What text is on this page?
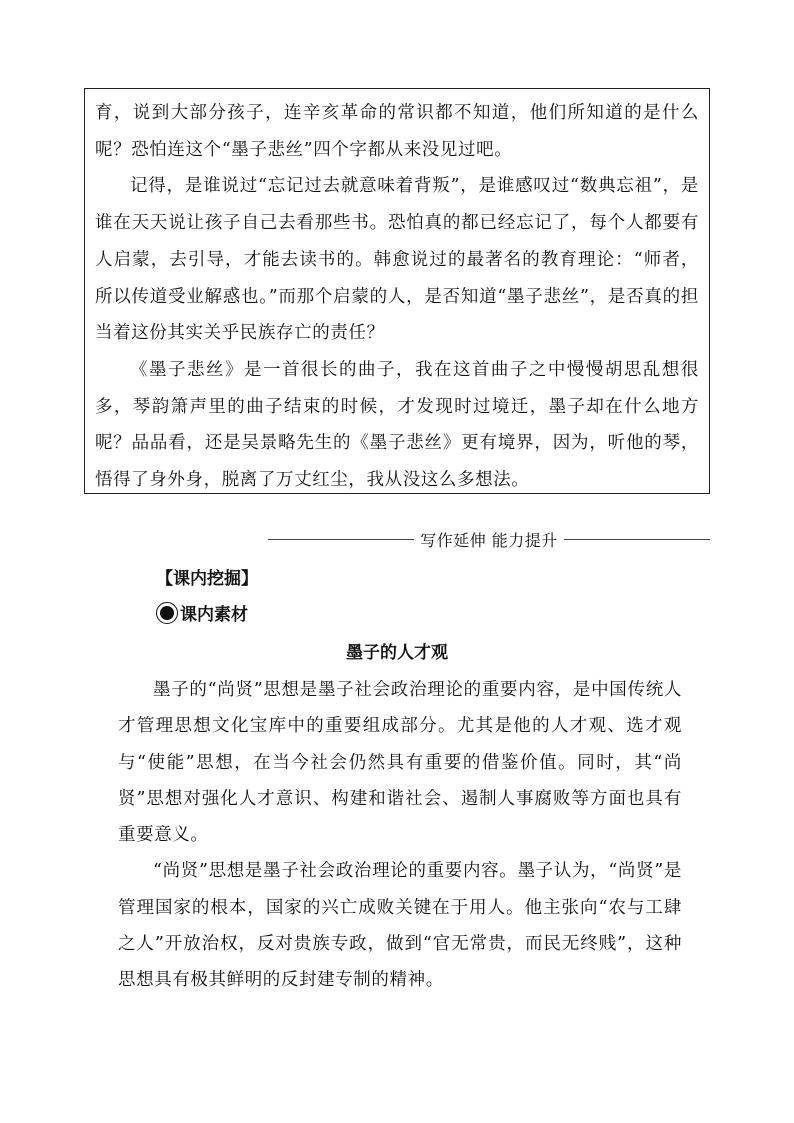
育，说到大部分孩子，连辛亥革命的常识都不知道，他们所知道的是什么呢？恐怕连这个“墨子悲丝”四个字都从来没见过吧。

记得，是谁说过“忘记过去就意味着背叛”，是谁感叹过“数典忘祖”，是谁在天天说让孩子自己去看那些书。恐怕真的都已经忘记了，每个人都要有人启蒙，去引导，才能去读书的。韩愈说过的最著名的教育理论：“师者，所以传道受业解惑也。”而那个启蒙的人，是否知道“墨子悲丝”，是否真的担当着这份其实关乎民族存亡的责任？

《墨子悲丝》是一首很长的曲子，我在这首曲子之中慢慢胡思乱想很多，琴韵箫声里的曲子结束的时候，才发现时过境迁，墨子却在什么地方呢？品品看，还是吴景略先生的《墨子悲丝》更有境界，因为，听他的琴，悟得了身外身，脱离了万丈红尘，我从没这么多想法。

写作延伸 能力提升
【课内挖掘】
课内素材
墨子的人才观

墨子的“尚贤”思想是墨子社会政治理论的重要内容，是中国传统人才管理思想文化宝库中的重要组成部分。尤其是他的人才观、选才观与“使能”思想，在当今社会仍然具有重要的借鉴价值。同时，其“尚贤”思想对强化人才意识、构建和谐社会、遏制人事腐败等方面也具有重要意义。

“尚贤”思想是墨子社会政治理论的重要内容。墨子认为，“尚贤”是管理国家的根本，国家的兴亡成败关键在于用人。他主张向“农与工肆之人”开放治权，反对贵族专政，做到“官无常贵，而民无终贱”，这种思想具有极其鲜明的反封建专制的精神。
